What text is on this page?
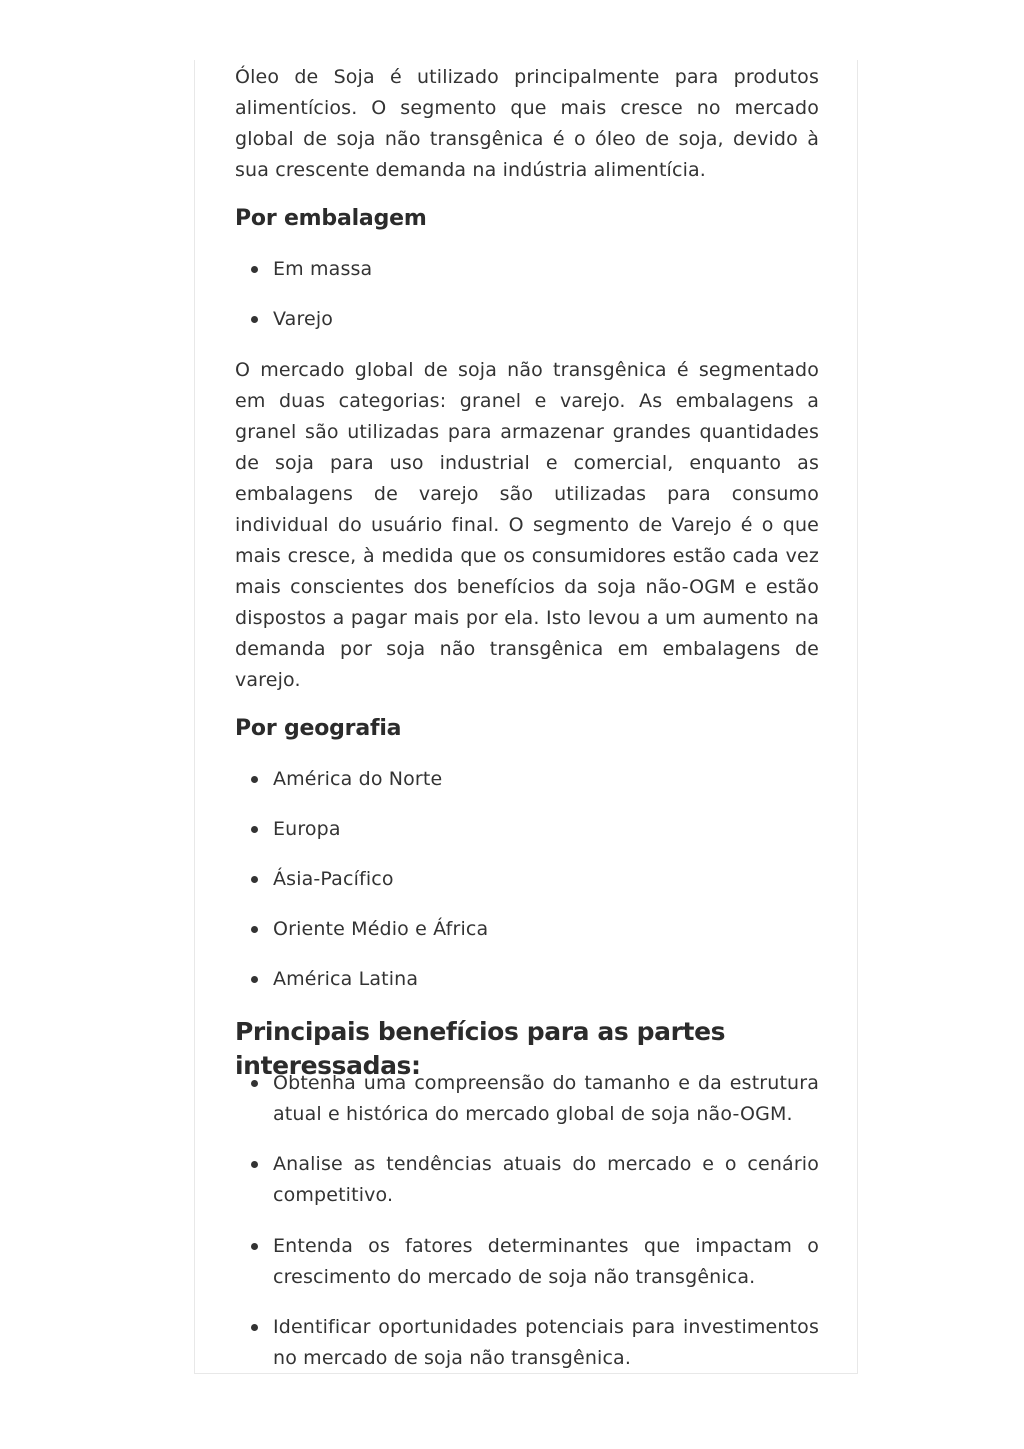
Óleo de Soja é utilizado principalmente para produtos alimentícios. O segmento que mais cresce no mercado global de soja não transgênica é o óleo de soja, devido à sua crescente demanda na indústria alimentícia.

Por embalagem
Em massa
Varejo

O mercado global de soja não transgênica é segmentado em duas categorias: granel e varejo. As embalagens a granel são utilizadas para armazenar grandes quantidades de soja para uso industrial e comercial, enquanto as embalagens de varejo são utilizadas para consumo individual do usuário final. O segmento de Varejo é o que mais cresce, à medida que os consumidores estão cada vez mais conscientes dos benefícios da soja não-OGM e estão dispostos a pagar mais por ela. Isto levou a um aumento na demanda por soja não transgênica em embalagens de varejo.

Por geografia
América do Norte
Europa
Ásia-Pacífico
Oriente Médio e África
América Latina
Principais benefícios para as partes interessadas:
Obtenha uma compreensão do tamanho e da estrutura atual e histórica do mercado global de soja não-OGM.
Analise as tendências atuais do mercado e o cenário competitivo.
Entenda os fatores determinantes que impactam o crescimento do mercado de soja não transgênica.
Identificar oportunidades potenciais para investimentos no mercado de soja não transgênica.
